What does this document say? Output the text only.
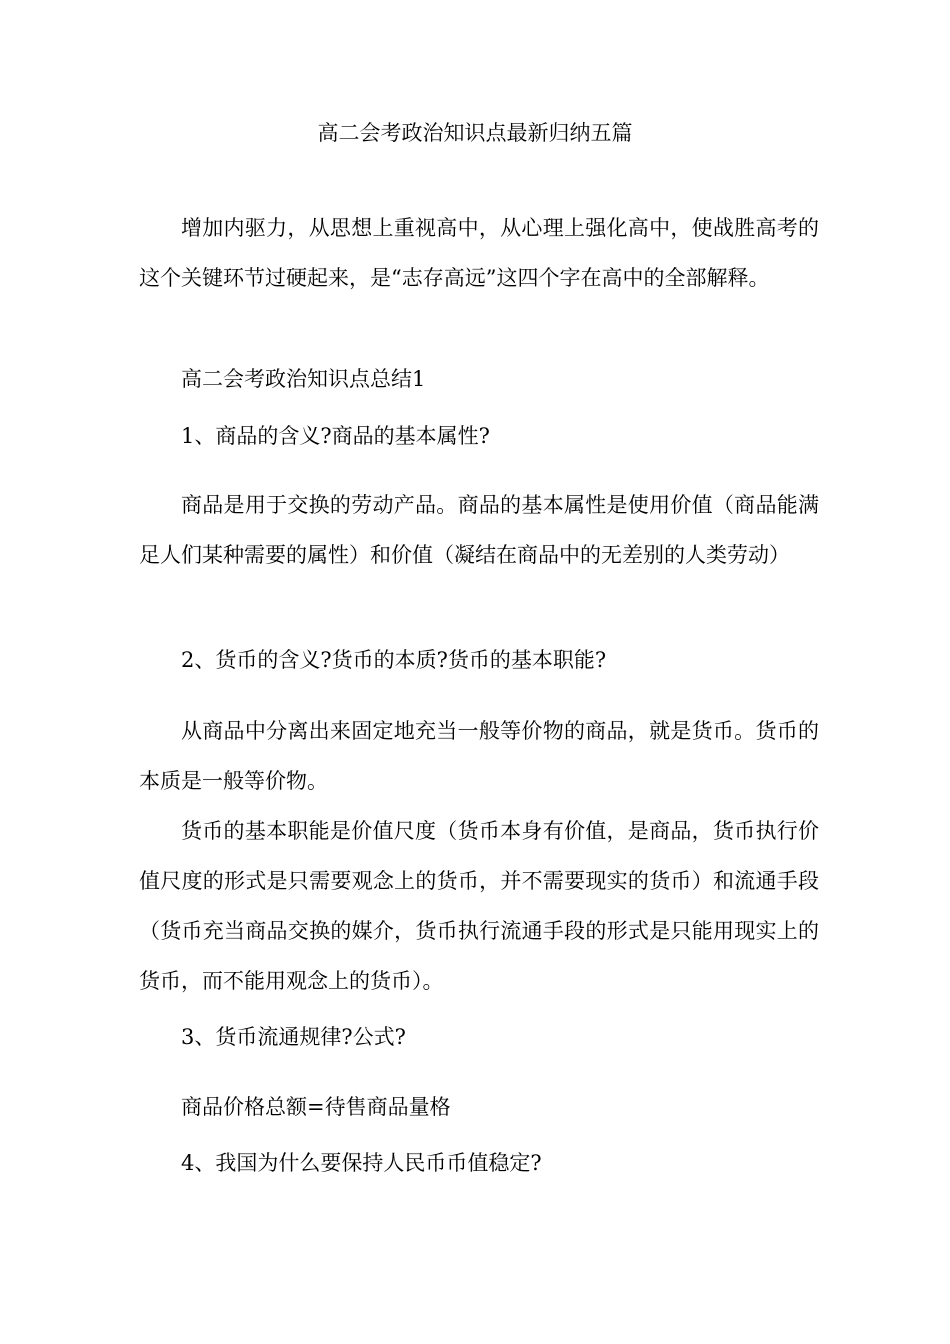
高二会考政治知识点最新归纳五篇

增加内驱力，从思想上重视高中，从心理上强化高中，使战胜高考的这个关键环节过硬起来，是“志存高远”这四个字在高中的全部解释。

高二会考政治知识点总结1

1、商品的含义?商品的基本属性?

商品是用于交换的劳动产品。商品的基本属性是使用价值（商品能满足人们某种需要的属性）和价值（凝结在商品中的无差别的人类劳动）

2、货币的含义?货币的本质?货币的基本职能?

从商品中分离出来固定地充当一般等价物的商品，就是货币。货币的本质是一般等价物。

货币的基本职能是价值尺度（货币本身有价值，是商品，货币执行价值尺度的形式是只需要观念上的货币，并不需要现实的货币）和流通手段（货币充当商品交换的媒介，货币执行流通手段的形式是只能用现实上的货币，而不能用观念上的货币）。

3、货币流通规律?公式?

商品价格总额=待售商品量格

4、我国为什么要保持人民币币值稳定?
